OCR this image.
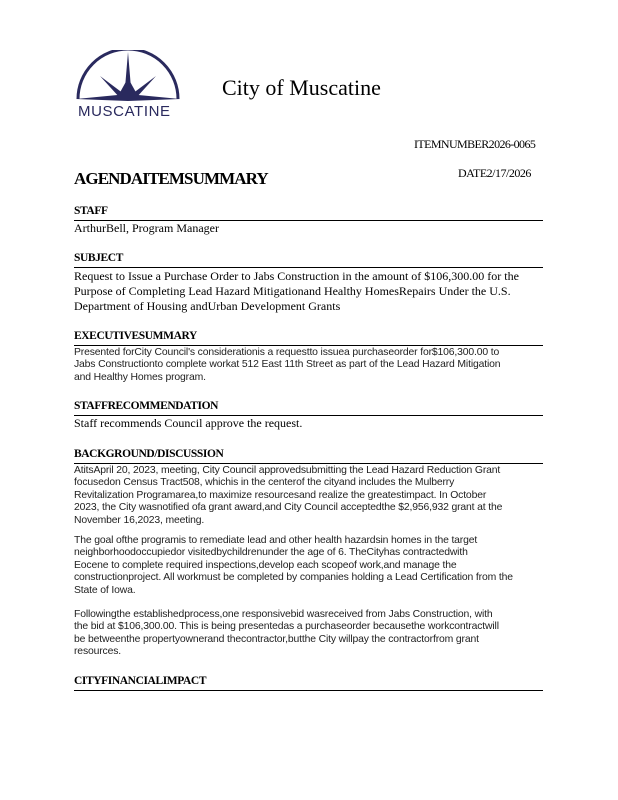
MUSCATINE
City of Muscatine
ITEMNUMBER2026-0065
AGENDAITEMSUMMARY	DATE2/17/2026
STAFF
ArthurBell, Program Manager
SUBJECT
Request to Issue a Purchase Order to Jabs Construction in the amount of $106,300.00 for the
Purpose of Completing Lead Hazard Mitigationand Healthy HomesRepairs Under the U.S.
Department of Housing andUrban Development Grants
EXECUTIVESUMMARY
Presented forCity Council's considerationis a requestto issuea purchaseorder for$106,300.00 to
Jabs Constructionto complete workat 512 East 11th Street as part of the Lead Hazard Mitigation
and Healthy Homes program.
STAFFRECOMMENDATION
Staff recommends Council approve the request.
BACKGROUND/DISCUSSION
AtitsApril 20, 2023, meeting, City Council approvedsubmitting the Lead Hazard Reduction Grant
focusedon Census Tract508, whichis in the centerof the cityand includes the Mulberry
Revitalization Programarea,to maximize resourcesand realize the greatestimpact. In October
2023, the City wasnotified ofa grant award,and City Council acceptedthe $2,956,932 grant at the
November 16,2023, meeting.
The goal ofthe programis to remediate lead and other health hazardsin homes in the target
neighborhoodoccupiedor visitedbychildrenunder the age of 6. TheCityhas contractedwith
Eocene to complete required inspections,develop each scopeof work,and manage the
constructionproject. All workmust be completed by companies holding a Lead Certification from the
State of Iowa.
Followingthe establishedprocess,one responsivebid wasreceived from Jabs Construction, with
the bid at $106,300.00. This is being presentedas a purchaseorder becausethe workcontractwill
be betweenthe propertyownerand thecontractor,butthe City willpay the contractorfrom grant
resources.
CITYFINANCIALIMPACT
